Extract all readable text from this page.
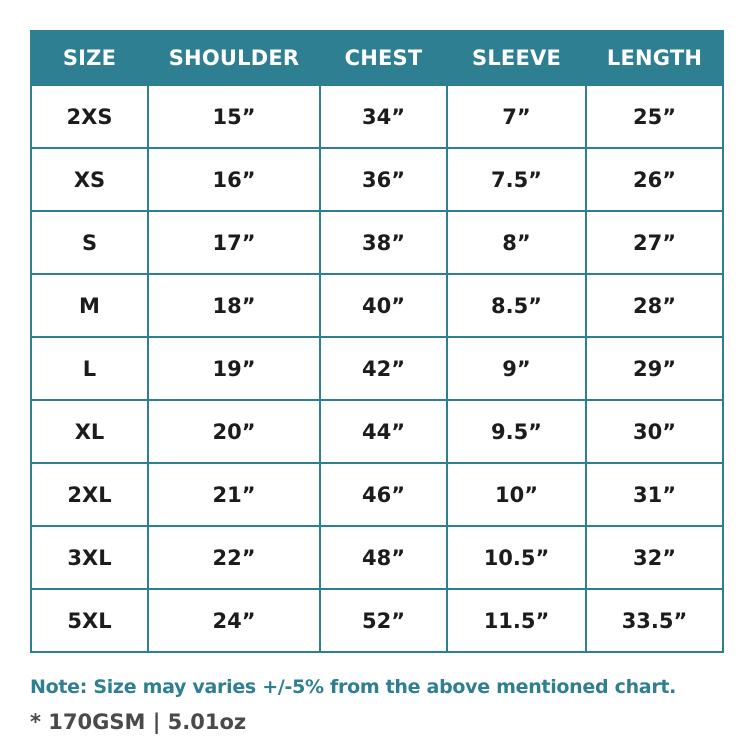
SIZE	SHOULDER	CHEST	SLEEVE	LENGTH
2XS	15”	34”	7”	25”
XS	16”	36”	7.5”	26”
S	17”	38”	8”	27”
M	18”	40”	8.5”	28”
L	19”	42”	9”	29”
XL	20”	44”	9.5”	30”
2XL	21”	46”	10”	31”
3XL	22”	48”	10.5”	32”
5XL	24”	52”	11.5”	33.5”
Note: Size may varies +/-5% from the above mentioned chart.
* 170GSM | 5.01oz
